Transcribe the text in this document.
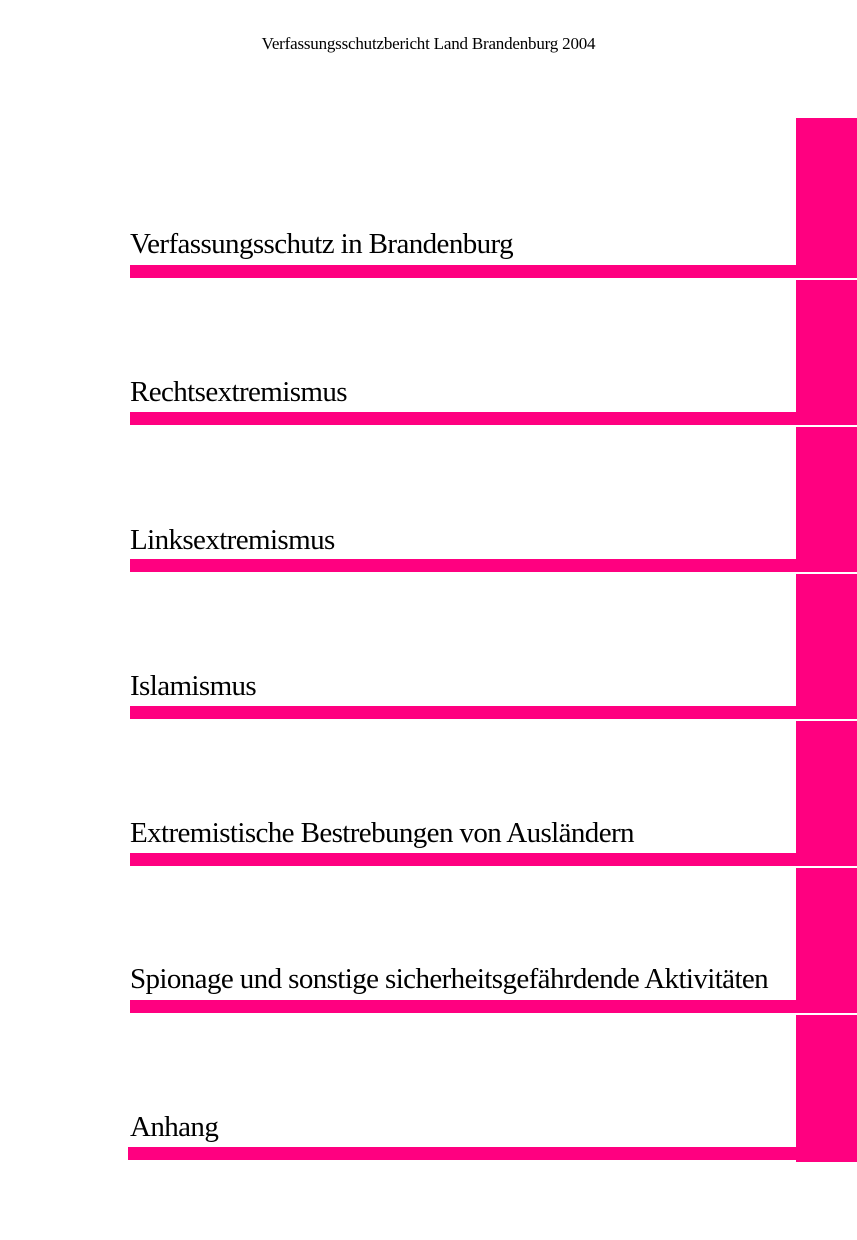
Verfassungsschutzbericht Land Brandenburg 2004
Verfassungsschutz in Brandenburg
Rechtsextremismus
Linksextremismus
Islamismus
Extremistische Bestrebungen von Ausländern
Spionage und sonstige sicherheitsgefährdende Aktivitäten
Anhang
